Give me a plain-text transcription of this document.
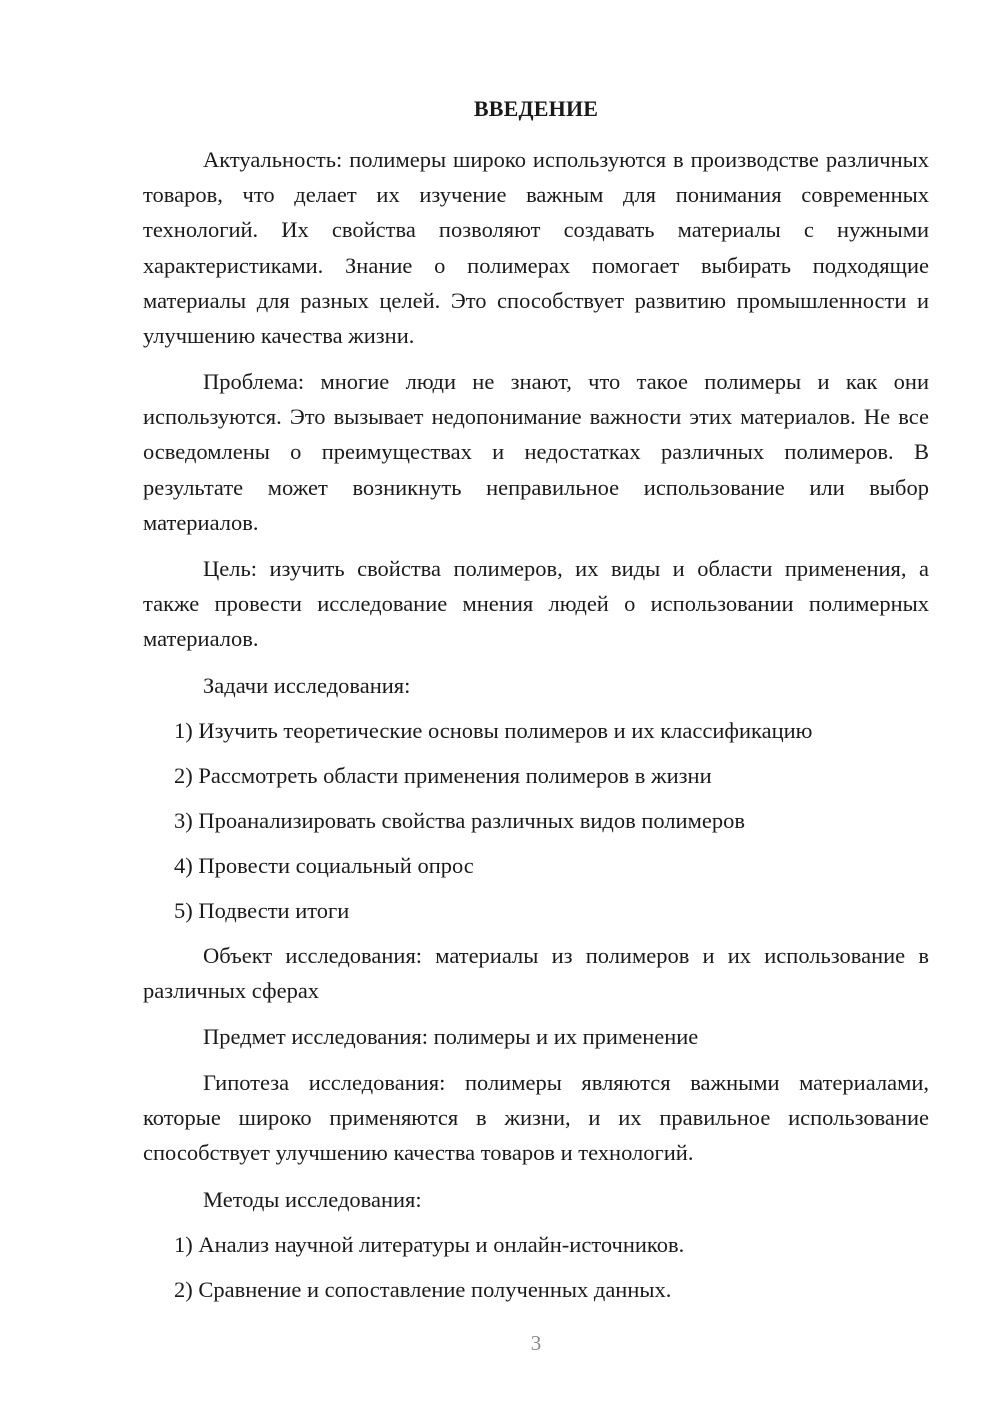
ВВЕДЕНИЕ
Актуальность: полимеры широко используются в производстве различных товаров, что делает их изучение важным для понимания современных технологий. Их свойства позволяют создавать материалы с нужными характеристиками. Знание о полимерах помогает выбирать подходящие материалы для разных целей. Это способствует развитию промышленности и улучшению качества жизни.
Проблема: многие люди не знают, что такое полимеры и как они используются. Это вызывает недопонимание важности этих материалов. Не все осведомлены о преимуществах и недостатках различных полимеров. В результате может возникнуть неправильное использование или выбор материалов.
Цель: изучить свойства полимеров, их виды и области применения, а также провести исследование мнения людей о использовании полимерных материалов.
Задачи исследования:
1) Изучить теоретические основы полимеров и их классификацию
2) Рассмотреть области применения полимеров в жизни
3) Проанализировать свойства различных видов полимеров
4) Провести социальный опрос
5) Подвести итоги
Объект исследования: материалы из полимеров и их использование в различных сферах
Предмет исследования: полимеры и их применение
Гипотеза исследования: полимеры являются важными материалами, которые широко применяются в жизни, и их правильное использование способствует улучшению качества товаров и технологий.
Методы исследования:
1) Анализ научной литературы и онлайн-источников.
2) Сравнение и сопоставление полученных данных.
3
